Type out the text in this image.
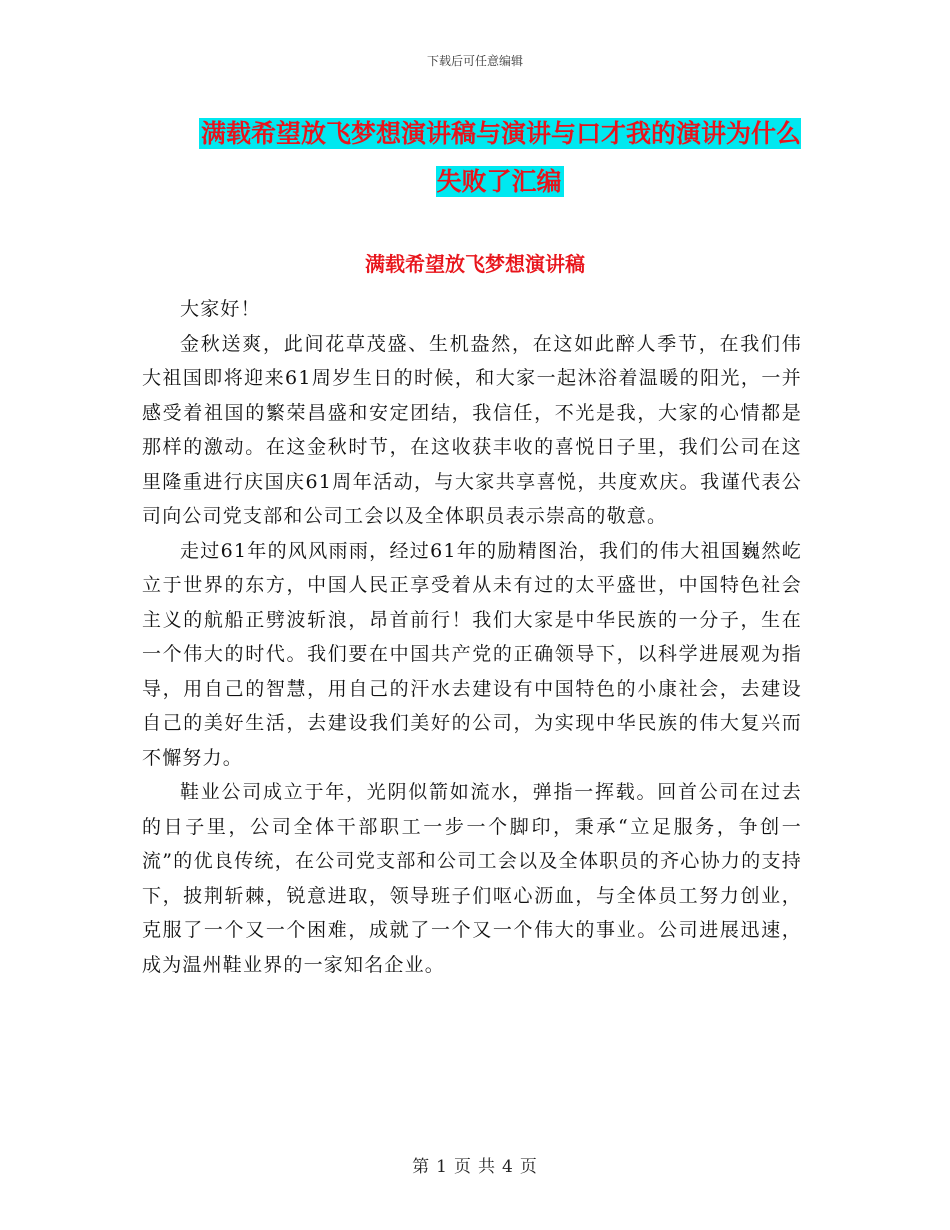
下载后可任意编辑
满载希望放飞梦想演讲稿与演讲与口才我的演讲为什么失败了汇编
满载希望放飞梦想演讲稿

大家好！

金秋送爽，此间花草茂盛、生机盎然，在这如此醉人季节，在我们伟大祖国即将迎来61周岁生日的时候，和大家一起沐浴着温暖的阳光，一并感受着祖国的繁荣昌盛和安定团结，我信任，不光是我，大家的心情都是那样的激动。在这金秋时节，在这收获丰收的喜悦日子里，我们公司在这里隆重进行庆国庆61周年活动，与大家共享喜悦，共度欢庆。我谨代表公司向公司党支部和公司工会以及全体职员表示崇高的敬意。

走过61年的风风雨雨，经过61年的励精图治，我们的伟大祖国巍然屹立于世界的东方，中国人民正享受着从未有过的太平盛世，中国特色社会主义的航船正劈波斩浪，昂首前行！我们大家是中华民族的一分子，生在一个伟大的时代。我们要在中国共产党的正确领导下，以科学进展观为指导，用自己的智慧，用自己的汗水去建设有中国特色的小康社会，去建设自己的美好生活，去建设我们美好的公司，为实现中华民族的伟大复兴而不懈努力。

鞋业公司成立于年，光阴似箭如流水，弹指一挥载。回首公司在过去的日子里，公司全体干部职工一步一个脚印，秉承“立足服务，争创一流”的优良传统，在公司党支部和公司工会以及全体职员的齐心协力的支持下，披荆斩棘，锐意进取，领导班子们呕心沥血，与全体员工努力创业，克服了一个又一个困难，成就了一个又一个伟大的事业。公司进展迅速，成为温州鞋业界的一家知名企业。

第 1 页 共 4 页
